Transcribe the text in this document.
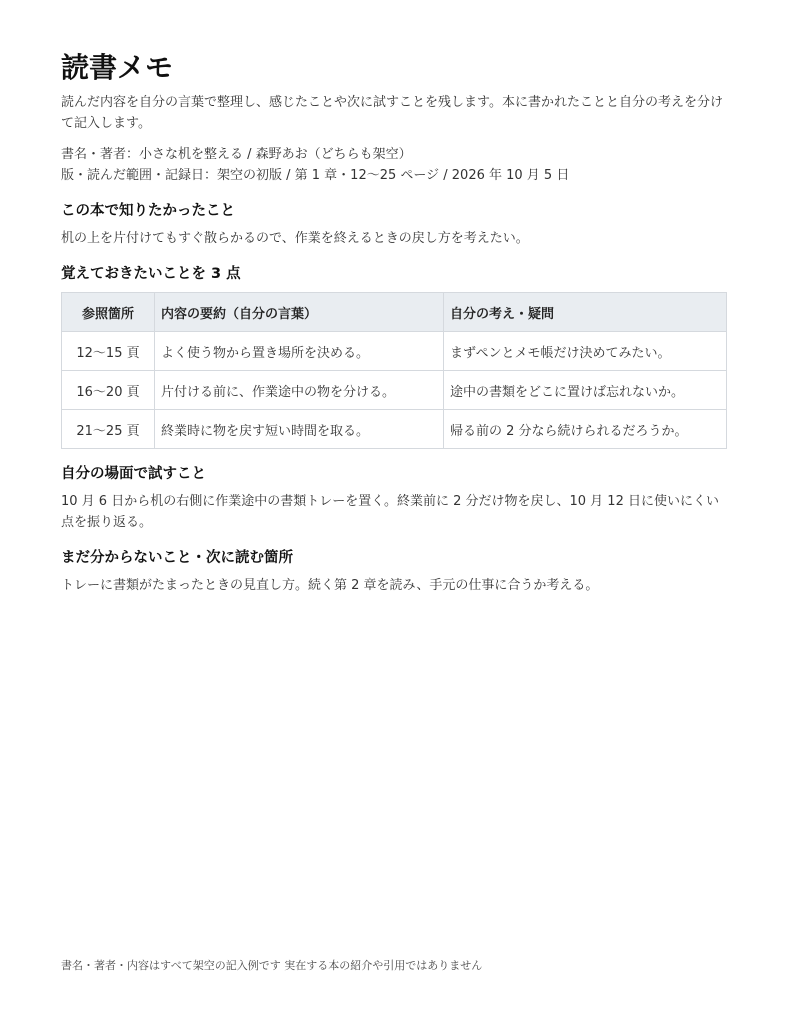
読書メモ

読んだ内容を自分の言葉で整理し、感じたことや次に試すことを残します。本に書かれたことと自分の考えを分けて記入します。

書名・著者：小さな机を整える / 森野あお（どちらも架空）
版・読んだ範囲・記録日：架空の初版 / 第 1 章・12〜25 ページ / 2026 年 10 月 5 日
この本で知りたかったこと

机の上を片付けてもすぐ散らかるので、作業を終えるときの戻し方を考えたい。

覚えておきたいことを 3 点
参照箇所	内容の要約（自分の言葉）	自分の考え・疑問
12〜15 頁	よく使う物から置き場所を決める。	まずペンとメモ帳だけ決めてみたい。
16〜20 頁	片付ける前に、作業途中の物を分ける。	途中の書類をどこに置けば忘れないか。
21〜25 頁	終業時に物を戻す短い時間を取る。	帰る前の 2 分なら続けられるだろうか。
自分の場面で試すこと

10 月 6 日から机の右側に作業途中の書類トレーを置く。終業前に 2 分だけ物を戻し、10 月 12 日に使いにくい点を振り返る。

まだ分からないこと・次に読む箇所

トレーに書類がたまったときの見直し方。続く第 2 章を読み、手元の仕事に合うか考える。

書名・著者・内容はすべて架空の記入例です 実在する本の紹介や引用ではありません
